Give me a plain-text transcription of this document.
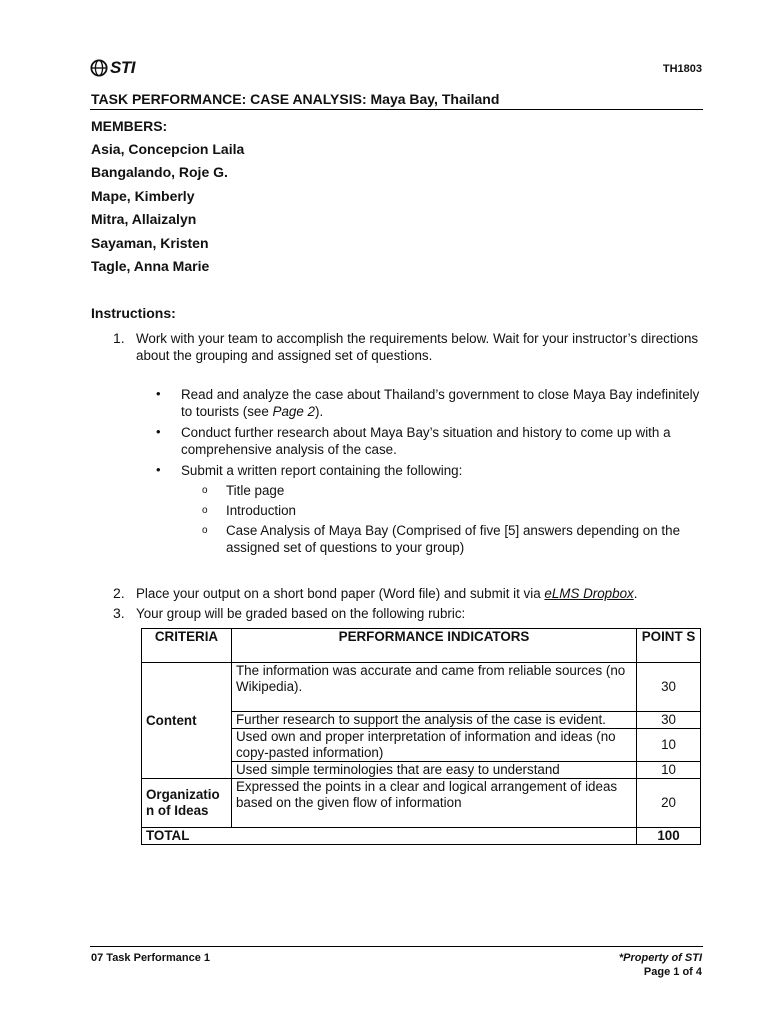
STI	TH1803
TASK PERFORMANCE: CASE ANALYSIS: Maya Bay, Thailand
MEMBERS:
Asia, Concepcion Laila
Bangalando, Roje G.
Mape, Kimberly
Mitra, Allaizalyn
Sayaman, Kristen
Tagle, Anna Marie
Instructions:
1. Work with your team to accomplish the requirements below. Wait for your instructor’s directions about the grouping and assigned set of questions.
• Read and analyze the case about Thailand’s government to close Maya Bay indefinitely to tourists (see Page 2).
• Conduct further research about Maya Bay’s situation and history to come up with a comprehensive analysis of the case.
• Submit a written report containing the following:
o Title page
o Introduction
o Case Analysis of Maya Bay (Comprised of five [5] answers depending on the assigned set of questions to your group)
2. Place your output on a short bond paper (Word file) and submit it via eLMS Dropbox.
3. Your group will be graded based on the following rubric:
CRITERIA	PERFORMANCE INDICATORS	POINT S
Content	The information was accurate and came from reliable sources (no Wikipedia).	30
	Further research to support the analysis of the case is evident.	30
	Used own and proper interpretation of information and ideas (no copy-pasted information)	10
	Used simple terminologies that are easy to understand	10
Organizatio n of Ideas	Expressed the points in a clear and logical arrangement of ideas based on the given flow of information	20
TOTAL		100
07 Task Performance 1	*Property of STI
Page 1 of 4
